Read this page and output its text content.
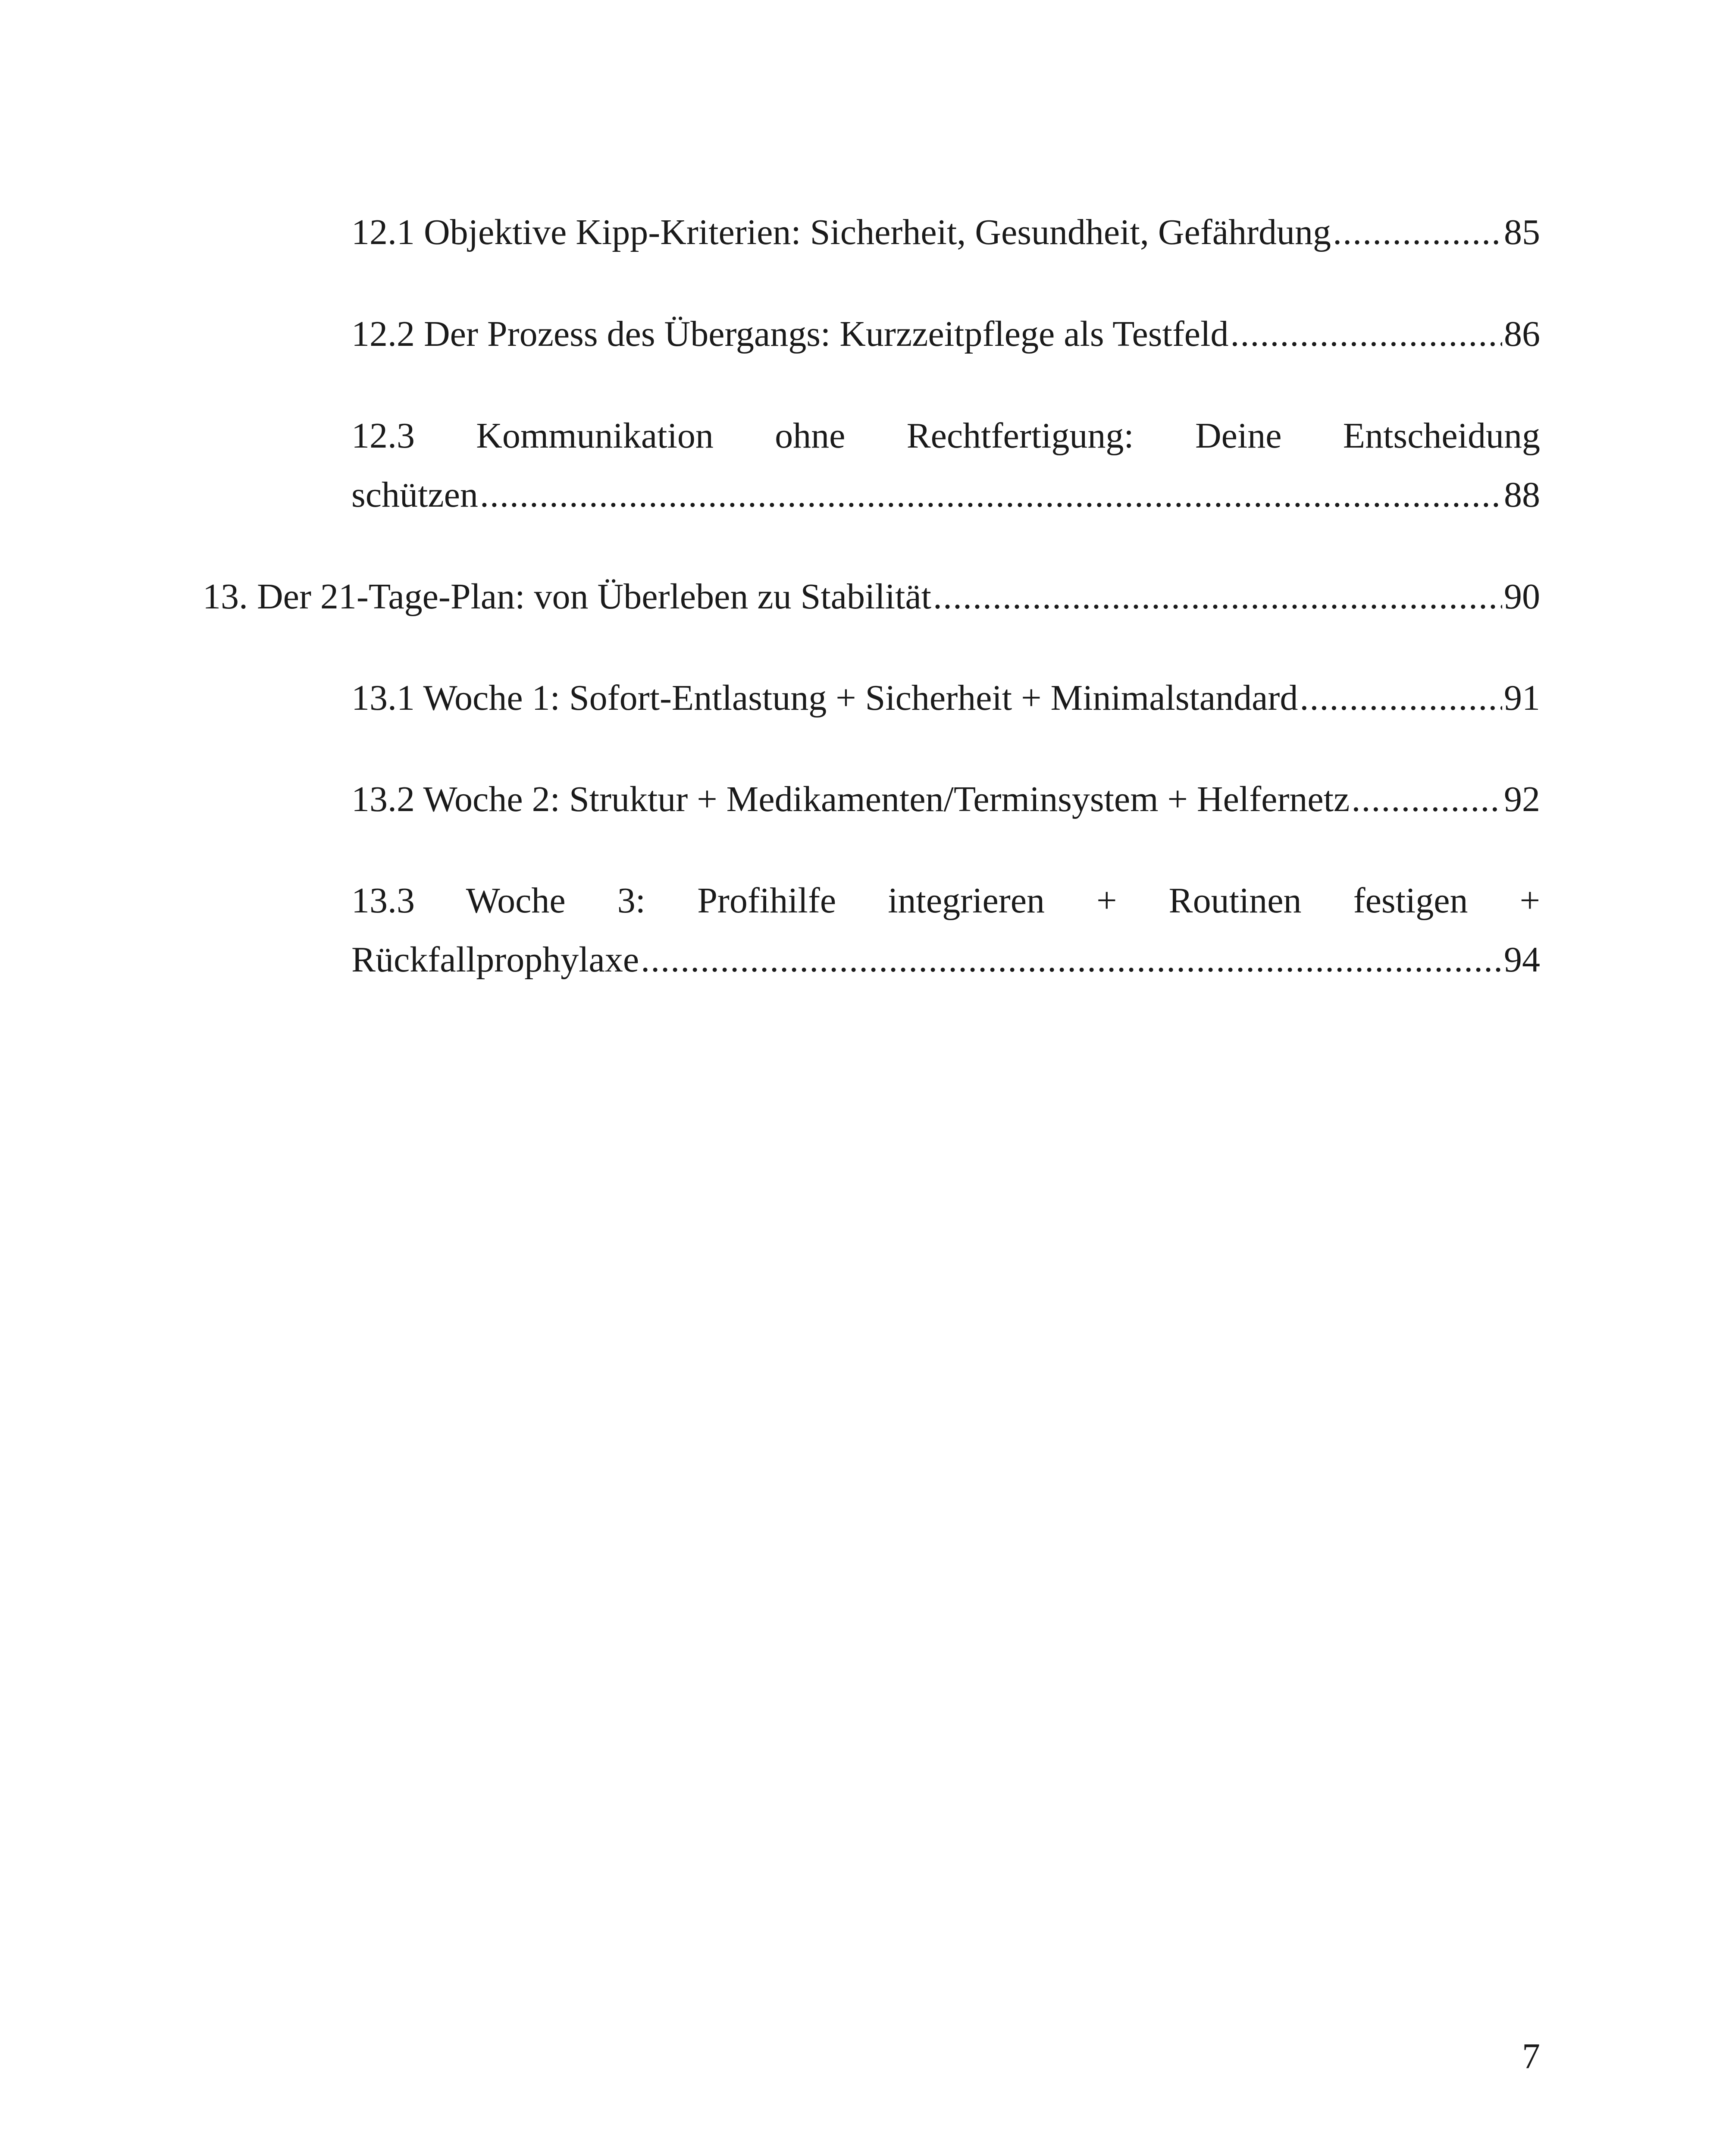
12.1 Objektive Kipp-Kriterien: Sicherheit, Gesundheit, Gefährdung .....	85
12.2 Der Prozess des Übergangs: Kurzzeitpflege als Testfeld .....	86
12.3 Kommunikation ohne Rechtfertigung: Deine Entscheidung
schützen .....	88
13. Der 21-Tage-Plan: von Überleben zu Stabilität .....	90
13.1 Woche 1: Sofort-Entlastung + Sicherheit + Minimalstandard .....	91
13.2 Woche 2: Struktur + Medikamenten/Terminsystem + Helfernetz .....	92
13.3 Woche 3: Profihilfe integrieren + Routinen festigen +
Rückfallprophylaxe .....	94
7
